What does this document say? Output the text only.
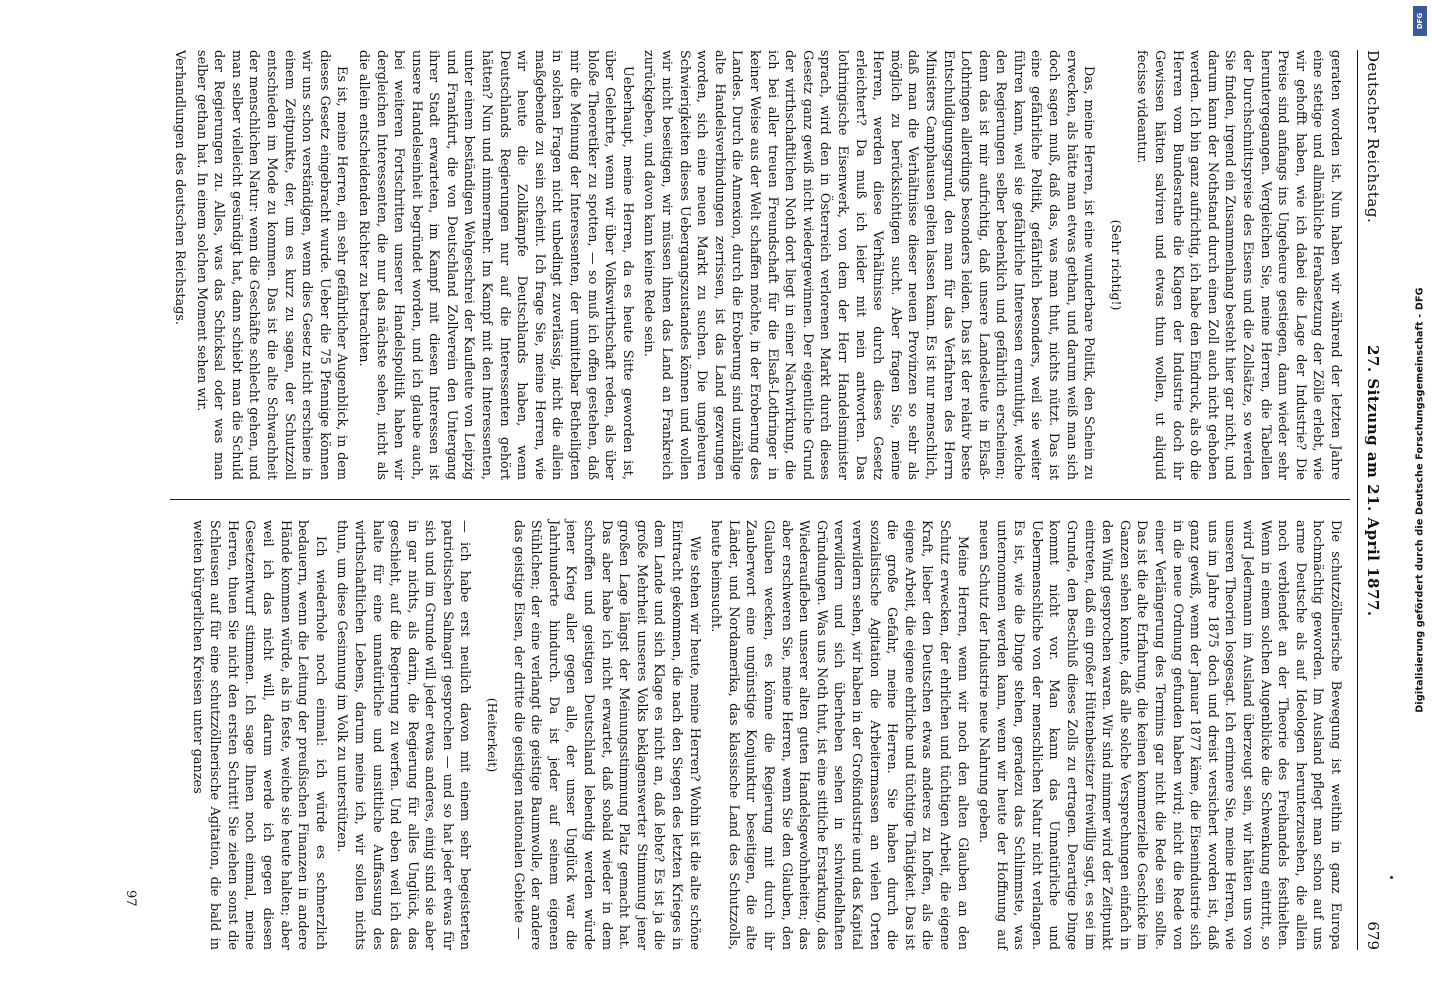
Deutscher Reichstag.
27. Sitzung am 21. April 1877.
679

geraten worden ist. Nun haben wir während der letzten Jahre eine stetige und allmähliche Herabsetzung der Zölle erlebt, wie wir gehofft haben, wie ich dabei die Lage der Industrie? Die Preise sind anfangs ins Ungeheure gestiegen, dann wieder sehr heruntergegangen. Vergleichen Sie, meine Herren, die Tabellen der Durchschnittspreise des Eisens und die Zollsätze, so werden Sie finden, irgend ein Zusammenhang besteht hier gar nicht, und darum kann der Nothstand durch einen Zoll auch nicht gehoben werden. Ich bin ganz aufrichtig, ich habe den Eindruck, als ob die Herren vom Bundesrathe die Klagen der Industrie doch ihr Gewissen hätten salviren und etwas thun wollen, ut aliquid fecisse videantur.

(Sehr richtig!)

Das, meine Herren, ist eine wunderbare Politik, den Schein zu erwecken, als hätte man etwas gethan, und darum weiß man sich doch sagen muß, daß das, was man thut, nichts nützt. Das ist eine gefährliche Politik, gefährlich besonders, weil sie weiter führen kann, weil sie gefährliche Interessen ermuthigt, welche den Regierungen selber bedenklich und gefährlich erscheinen; denn das ist mir aufrichtig, daß unsere Landesleute in Elsaß-Lothringen allerdings besonders leiden. Das ist der relativ beste Entschuldigungsgrund, den man für das Verfahren des Herrn Ministers Camphausen gelten lassen kann. Es ist nur menschlich, daß man die Verhältnisse dieser neuen Provinzen so sehr als möglich zu berücksichtigen sucht. Aber fragen Sie, meine Herren, werden diese Verhältnisse durch dieses Gesetz erleichtert? Da muß ich leider mit nein antworten. Das lothringische Eisenwerk, von dem der Herr Handelsminister sprach, wird den in Österreich verlorenen Markt durch dieses Gesetz ganz gewiß nicht wiedergewinnen. Der eigentliche Grund der wirthschaftlichen Noth dort liegt in einer Nachwirkung, die ich bei aller treuen Freundschaft für die Elsaß-Lothringer in keiner Weise aus der Welt schaffen möchte, in der Eroberung des Landes. Durch die Annexion, durch die Eroberung sind unzählige alte Handelsverbindungen zerrissen, ist das Land gezwungen worden, sich eine neuen Markt zu suchen. Die ungeheuren Schwierigkeiten dieses Uebergangszustandes können und wollen wir nicht beseitigen, wir müssen ihnen das Land an Frankreich zurückgeben, und davon kann keine Rede sein.

Ueberhaupt, meine Herren, da es heute Sitte geworden ist, über Gelehrte, wenn wir über Volkswirthschaft reden, als über bloße Theoretiker zu spotten, — so muß ich offen gestehen, daß mir die Meinung der Interessenten, der unmittelbar Betheiligten in solchen Fragen nicht unbedingt zuverlässig, nicht die allein maßgebende zu sein scheint. Ich frage Sie, meine Herren, wie wir heute die Zollkämpfe Deutschlands haben, wenn Deutschlands Regierungen nur auf die Interessenten gehört hätten? Nun und nimmermehr. Im Kampf mit den Interessenten, unter einem beständigen Wehgeschrei der Kaufleute von Leipzig und Frankfurt, die von Deutschland Zollverein den Untergang ihrer Stadt erwarteten, im Kampf mit diesen Interessen ist unsere Handelseinheit begründet worden, und ich glaube auch, bei weiteren Fortschritten unserer Handelspolitik haben wir dergleichen Interessenten, die nur das nächste sehen, nicht als die allein entscheidenden Richter zu betrachten.

Es ist, meine Herren, ein sehr gefährlicher Augenblick, in dem dieses Gesetz eingebracht wurde. Ueber die 75 Pfennige können wir uns schon verständigen, wenn dies Gesetz nicht erschiene in einem Zeitpunkte, der, um es kurz zu sagen, der Schutzzoll entschieden im Mode zu kommen. Das ist die alte Schwachheit der menschlichen Natur: wenn die Geschäfte schlecht gehen, und man selber vielleicht gesündigt hat, dann schiebt man die Schuld der Regierungen zu. Alles, was das Schicksal oder was man selber gethan hat. In einem solchen Moment sehen wir.

Verhandlungen des deutschen Reichstags.

Die schutzzöllnerische Bewegung ist weithin in ganz Europa hochmächtig geworden. Im Ausland pflegt man schon auf uns arme Deutsche als auf Ideologen herunterzusehen, die allein noch verblendet an der Theorie des Freihandels festhielten. Wenn in einem solchen Augenblicke die Schwenkung eintritt, so wird Jedermann im Ausland überzeugt sein, wir hätten uns von unseren Theorien losgesagt. Ich erinnere Sie, meine Herren, wie uns im Jahre 1875 doch und dreist versichert worden ist, daß ganz gewiß, wenn der Januar 1877 käme, die Eisenindustrie sich in die neue Ordnung gefunden haben wird; nicht die Rede von einer Verlängerung des Termins gar nicht die Rede sein sollte. Das ist die alte Erfahrung, die keinen kommerzielle Geschicke im Ganzen sehen konnte, daß alle solche Versprechungen einfach in den Wind gesprochen waren. Wir sind nimmer wird der Zeitpunkt eintreten, daß ein großer Hüttenbesitzer freiwillig sagt, es sei im Grunde, den Beschluß dieses Zolls zu ertragen. Derartige Dinge kommt nicht vor. Man kann das Unnatürliche und Uebermenschliche von der menschlichen Natur nicht verlangen. Es ist, wie die Dinge stehen, geradezu das Schlimmste, was unternommen werden kann, wenn wir heute der Hoffnung auf neuen Schutz der Industrie neue Nahrung geben.

Meine Herren, wenn wir noch den alten Glauben an den Schutz erwecken, der ehrlichen und tüchtigen Arbeit, die eigene Kraft, lieber den Deutschen etwas anderes zu hoffen, als die eigene Arbeit, die eigene ehrliche und tüchtige Thätigkeit. Das ist die große Gefahr, meine Herren. Sie haben durch die sozialistische Agitation die Arbeitermassen an vielen Orten verwildern sehen, wir haben in der Großindustrie und das Kapital verwildern und sich überheben sehen in schwindelhaften Gründungen. Was uns Noth thut, ist eine sittliche Erstarkung, das Wiederaufleben unserer alten guten Handelsgewohnheiten; das aber erschweren Sie, meine Herren, wenn Sie den Glauben, den Glauben wecken, es könne die Regierung mit durch ihr Zauberwort eine ungünstige Konjunktur beseitigen, die alte Länder, und Nordamerika, das klassische Land des Schutzzolls, heute heimsucht.

Wie stehen wir heute, meine Herren? Wohin ist die alte schöne Eintracht gekommen, die nach den Siegen des letzten Krieges in dem Lande und sich Klage es nicht an, daß lebte? Es ist ja die große Mehrheit unseres Volks beklagenswerter Stimmung jener großen Lage längst der Meinungsstimmung Platz gemacht hat. Das aber habe ich nicht erwartet, daß sobald wieder in dem schroffen und geistigen Deutschland lebendig werden würde jener Krieg aller gegen alle, der unser Unglück war die Jahrhunderte hindurch. Da ist jeder auf seinem eigenen Stühlchen; der eine verlangt die geistige Baumwolle, der andere das geistige Eisen, der dritte die geistigen nationalen Gebiete —

(Heiterkeit)

— ich habe erst neulich davon mit einem sehr begeisterten patriotischen Salmagri gesprochen — und so hat jeder etwas für sich und im Grunde will jeder etwas anderes, einig sind sie aber in gar nichts, als darin, die Regierung für alles Unglück, das geschieht, auf die Regierung zu werfen. Und eben weil ich das halte für eine unnatürliche und unsittliche Auffassung des wirthschaftlichen Lebens, darum meine ich, wir sollen nichts thun, um diese Gesinnung im Volk zu unterstützen.

Ich wiederhole noch einmal: ich würde es schmerzlich bedauern, wenn die Leitung der preußischen Finanzen in andere Hände kommen würde, als in feste, weiche sie heute halten; aber weil ich das nicht will, darum werde ich gegen diesen Gesetzentwurf stimmen. Ich sage Ihnen noch einmal, meine Herren, thuen Sie nicht den ersten Schritt! Sie ziehen sonst die Schleusen auf für eine schutzzöllnerische Agitation, die bald in weiten bürgerlichen Kreisen unter ganzes

97
DFG
Digitalisierung gefördert durch die Deutsche Forschungsgemeinschaft - DFG
